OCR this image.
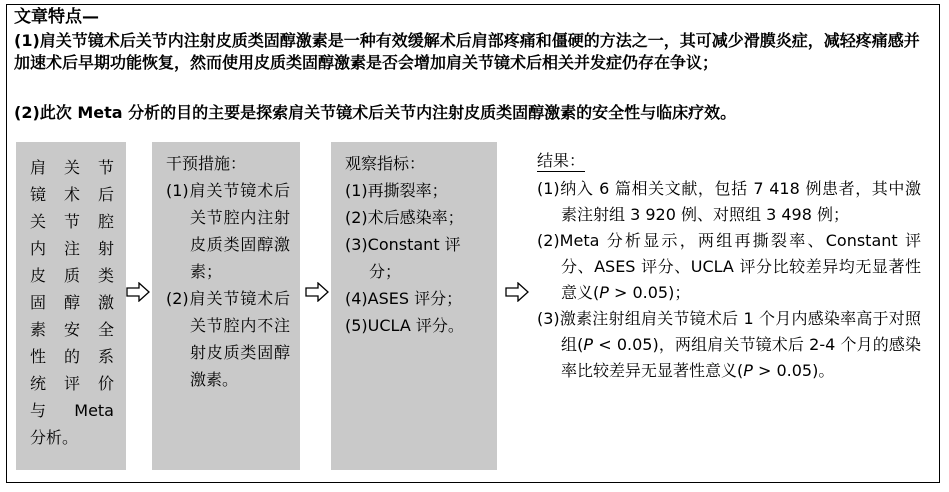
文章特点—

(1)肩关节镜术后关节内注射皮质类固醇激素是一种有效缓解术后肩部疼痛和僵硬的方法之一，其可减少滑膜炎症，减轻疼痛感并加速术后早期功能恢复，然而使用皮质类固醇激素是否会增加肩关节镜术后相关并发症仍存在争议；

(2)此次 Meta 分析的目的主要是探索肩关节镜术后关节内注射皮质类固醇激素的安全性与临床疗效。

肩关节
镜术后
关节腔
内注射
皮质类
固醇激
素安全
性的系
统评价
与 Meta
分析。
干预措施：
(1)肩关节镜术后关节腔内注射皮质类固醇激素；
(2)肩关节镜术后关节腔内不注射皮质类固醇激素。
观察指标：
(1)再撕裂率；
(2)术后感染率；
(3)Constant 评分；
(4)ASES 评分；
(5)UCLA 评分。
结果：

(1)纳入 6 篇相关文献，包括 7 418 例患者，其中激素注射组 3 920 例、对照组 3 498 例；

(2)Meta 分析显示，两组再撕裂率、Constant 评分、ASES 评分、UCLA 评分比较差异均无显著性意义(P > 0.05)；

(3)激素注射组肩关节镜术后 1 个月内感染率高于对照组(P < 0.05)，两组肩关节镜术后 2-4 个月的感染率比较差异无显著性意义(P > 0.05)。
